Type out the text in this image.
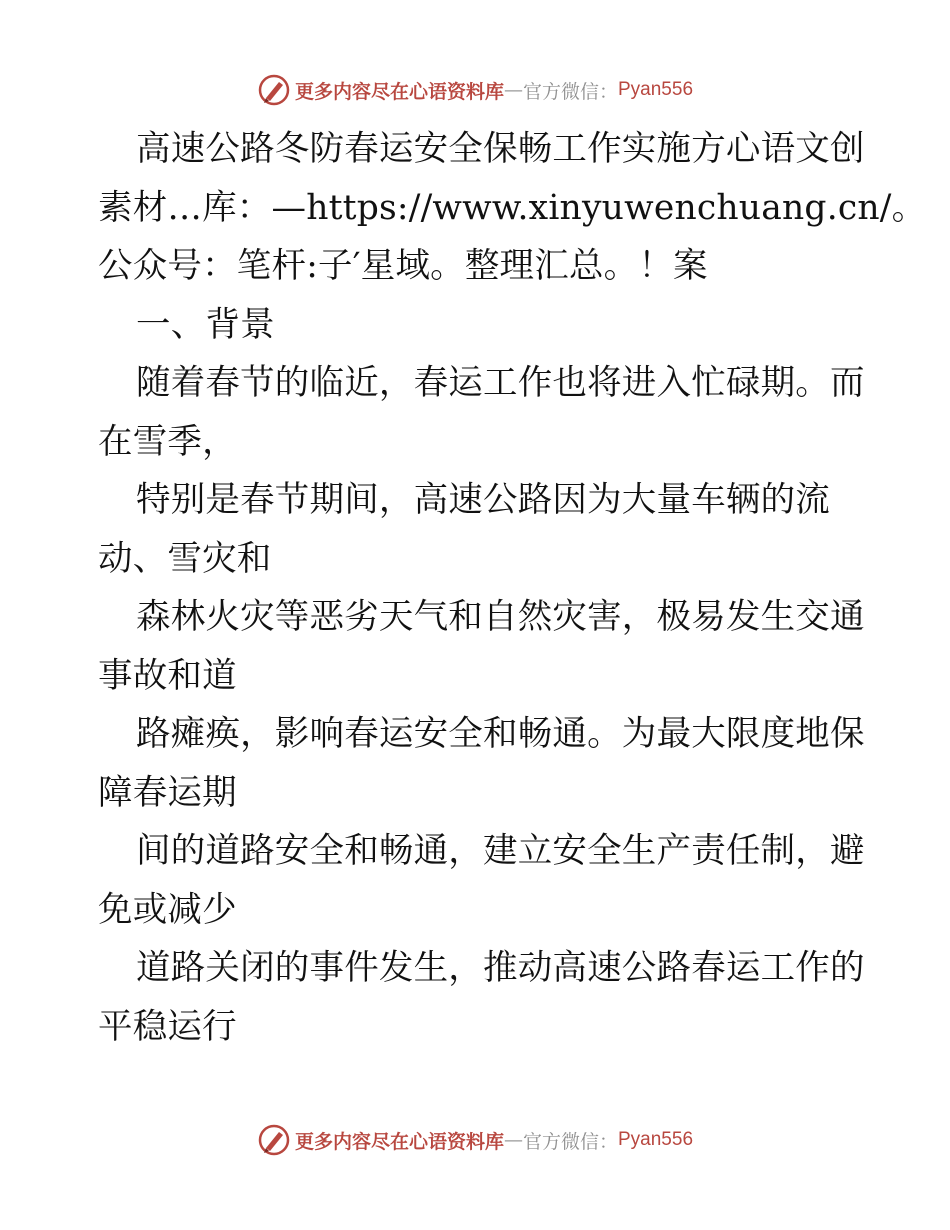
更多内容尽在心语资料库 — 官方微信： Pyan556
高速公路冬防春运安全保畅工作实施方心语文创
素材…库：—https://www.xinyuwenchuang.cn/。
公众号：笔杆:子′星域。整理汇总。！案
一、背景
随着春节的临近，春运工作也将进入忙碌期。而
在雪季，
特别是春节期间，高速公路因为大量车辆的流
动、雪灾和
森林火灾等恶劣天气和自然灾害，极易发生交通
事故和道
路瘫痪，影响春运安全和畅通。为最大限度地保
障春运期
间的道路安全和畅通，建立安全生产责任制，避
免或减少
道路关闭的事件发生，推动高速公路春运工作的
平稳运行
更多内容尽在心语资料库 — 官方微信： Pyan556
